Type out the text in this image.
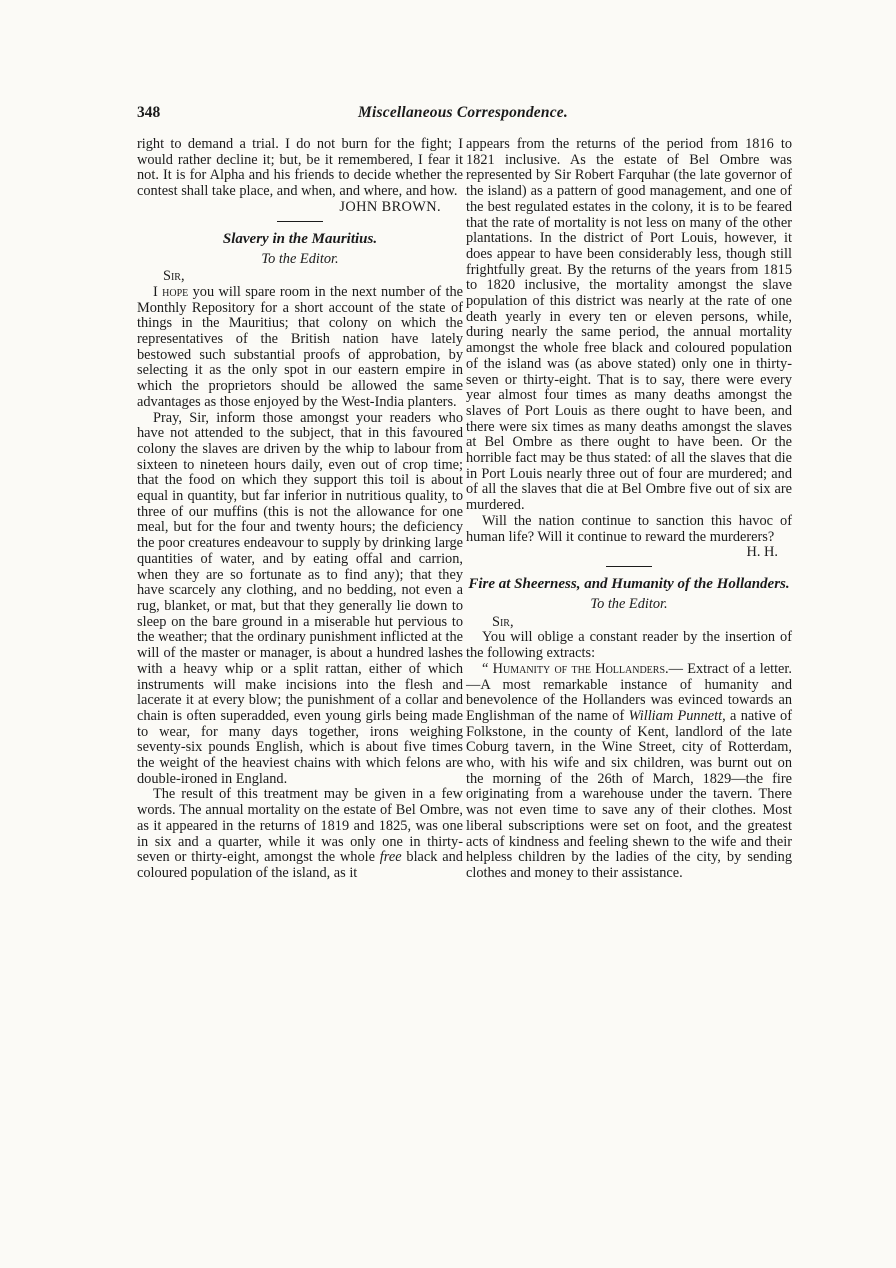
348	Miscellaneous Correspondence.

right to demand a trial. I do not burn for the fight; I would rather decline it; but, be it remembered, I fear it not. It is for Alpha and his friends to decide whether the contest shall take place, and when, and where, and how.

JOHN BROWN.

Slavery in the Mauritius.

To the Editor.

Sir,

I hope you will spare room in the next number of the Monthly Repository for a short account of the state of things in the Mauritius; that colony on which the representatives of the British nation have lately bestowed such substantial proofs of approbation, by selecting it as the only spot in our eastern empire in which the proprietors should be allowed the same advantages as those enjoyed by the West-India planters.

Pray, Sir, inform those amongst your readers who have not attended to the subject, that in this favoured colony the slaves are driven by the whip to labour from sixteen to nineteen hours daily, even out of crop time; that the food on which they support this toil is about equal in quantity, but far inferior in nutritious quality, to three of our muffins (this is not the allowance for one meal, but for the four and twenty hours; the deficiency the poor creatures endeavour to supply by drinking large quantities of water, and by eating offal and carrion, when they are so fortunate as to find any); that they have scarcely any clothing, and no bedding, not even a rug, blanket, or mat, but that they generally lie down to sleep on the bare ground in a miserable hut pervious to the weather; that the ordinary punishment inflicted at the will of the master or manager, is about a hundred lashes with a heavy whip or a split rattan, either of which instruments will make incisions into the flesh and lacerate it at every blow; the punishment of a collar and chain is often superadded, even young girls being made to wear, for many days together, irons weighing seventy-six pounds English, which is about five times the weight of the heaviest chains with which felons are double-ironed in England.

The result of this treatment may be given in a few words. The annual mortality on the estate of Bel Ombre, as it appeared in the returns of 1819 and 1825, was one in six and a quarter, while it was only one in thirty-seven or thirty-eight, amongst the whole free black and coloured population of the island, as it

appears from the returns of the period from 1816 to 1821 inclusive. As the estate of Bel Ombre was represented by Sir Robert Farquhar (the late governor of the island) as a pattern of good management, and one of the best regulated estates in the colony, it is to be feared that the rate of mortality is not less on many of the other plantations. In the district of Port Louis, however, it does appear to have been considerably less, though still frightfully great. By the returns of the years from 1815 to 1820 inclusive, the mortality amongst the slave population of this district was nearly at the rate of one death yearly in every ten or eleven persons, while, during nearly the same period, the annual mortality amongst the whole free black and coloured population of the island was (as above stated) only one in thirty-seven or thirty-eight. That is to say, there were every year almost four times as many deaths amongst the slaves of Port Louis as there ought to have been, and there were six times as many deaths amongst the slaves at Bel Ombre as there ought to have been. Or the horrible fact may be thus stated: of all the slaves that die in Port Louis nearly three out of four are murdered; and of all the slaves that die at Bel Ombre five out of six are murdered.

Will the nation continue to sanction this havoc of human life? Will it continue to reward the murderers?

H. H.

Fire at Sheerness, and Humanity of the Hollanders.

To the Editor.

Sir,

You will oblige a constant reader by the insertion of the following extracts:

“ Humanity of the Hollanders.— Extract of a letter.—A most remarkable instance of humanity and benevolence of the Hollanders was evinced towards an Englishman of the name of William Punnett, a native of Folkstone, in the county of Kent, landlord of the late Coburg tavern, in the Wine Street, city of Rotterdam, who, with his wife and six children, was burnt out on the morning of the 26th of March, 1829—the fire originating from a warehouse under the tavern. There was not even time to save any of their clothes. Most liberal subscriptions were set on foot, and the greatest acts of kindness and feeling shewn to the wife and their helpless children by the ladies of the city, by sending clothes and money to their assistance.
